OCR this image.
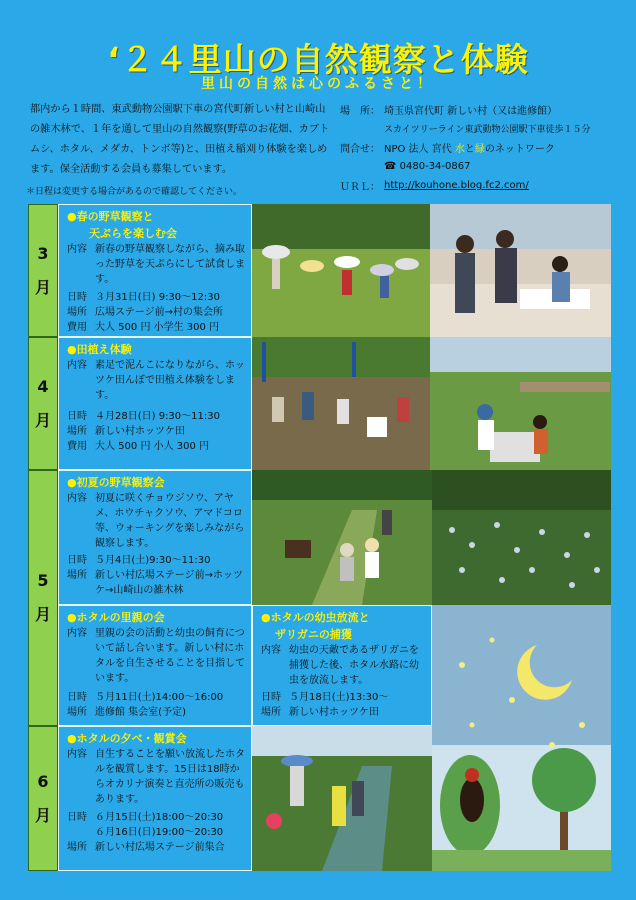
‘２４里山の自然観察と体験
里山の自然は心のふるさと！
都内から１時間、東武動物公園駅下車の宮代町新しい村と山崎山の雑木林で、１年を通して里山の自然観察(野草のお花畑、カブトムシ、ホタル、メダカ、トンボ等)と、田植え稲刈り体験を楽しめます。保全活動する会員も募集しています。
＊日程は変更する場合があるので確認してください。
場　所： 埼玉県宮代町 新しい村（又は進修館）
スカイツリーライン東武動物公園駅下車徒歩１５分
問合せ： NPO 法人 宮代 水と緑のネットワーク
☎ 0480-34-0867
ＵＲＬ： http://kouhone.blog.fc2.com/
3
月
4
月
5
月
6
月
●春の野草観察と
天ぷらを楽しむ会
内容 新春の野草観察しながら、摘み取った野草を天ぷらにして試食します。
日時 ３月31日(日) 9:30～12:30
場所 広場ステージ前→村の集会所
費用 大人 500 円 小学生 300 円
●田植え体験
内容 素足で泥んこになりながら、ホッツケ田んぼで田植え体験をします。
日時 ４月28日(日) 9:30～11:30
場所 新しい村ホッツケ田
費用 大人 500 円 小人 300 円
●初夏の野草観察会
内容 初夏に咲くチョウジソウ、アヤメ、ホウチャクソウ、アマドコロ等、ウォーキングを楽しみながら観察します。
日時 ５月4日(土)9:30～11:30
場所 新しい村広場ステージ前→ホッツケ→山崎山の雑木林
●ホタルの里親の会
内容 里親の会の活動と幼虫の飼育について話し合います。新しい村にホタルを自生させることを目指しています。
日時 ５月11日(土)14:00～16:00
場所 進修館 集会室(予定)
●ホタルの幼虫放流と
ザリガニの捕獲
内容 幼虫の天敵であるザリガニを捕獲した後、ホタル水路に幼虫を放流します。
日時 ５月18日(土)13:30～
場所 新しい村ホッツケ田
●ホタルの夕べ・観賞会
内容 自生することを願い放流したホタルを観賞します。15日は18時からオカリナ演奏と直売所の販売もあります。
日時 ６月15日(土)18:00～20:30
６月16日(日)19:00～20:30
場所 新しい村広場ステージ前集合
